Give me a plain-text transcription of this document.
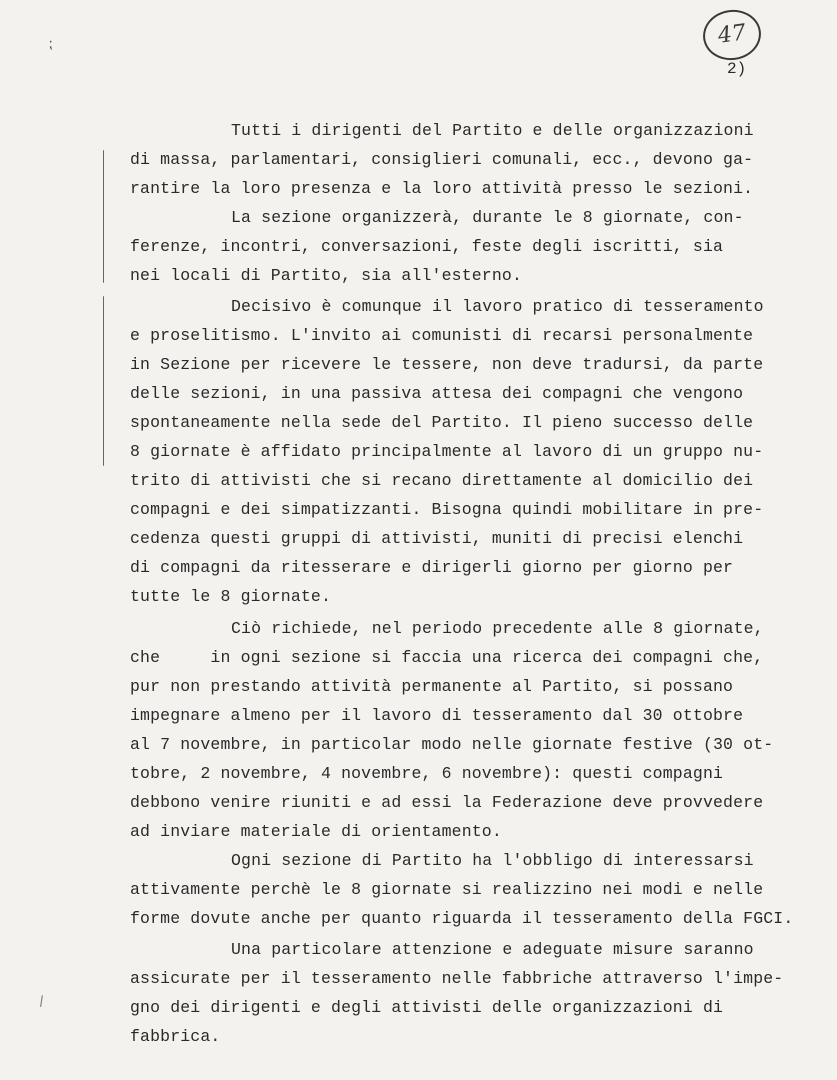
47
2)
⁏
/
Tutti i dirigenti del Partito e delle organizzazioni
di massa, parlamentari, consiglieri comunali, ecc., devono ga-
rantire la loro presenza e la loro attività presso le sezioni.
La sezione organizzerà, durante le 8 giornate, con-
ferenze, incontri, conversazioni, feste degli iscritti, sia
nei locali di Partito, sia all'esterno.
Decisivo è comunque il lavoro pratico di tesseramento
e proselitismo. L'invito ai comunisti di recarsi personalmente
in Sezione per ricevere le tessere, non deve tradursi, da parte
delle sezioni, in una passiva attesa dei compagni che vengono
spontaneamente nella sede del Partito. Il pieno successo delle
8 giornate è affidato principalmente al lavoro di un gruppo nu-
trito di attivisti che si recano direttamente al domicilio dei
compagni e dei simpatizzanti. Bisogna quindi mobilitare in pre-
cedenza questi gruppi di attivisti, muniti di precisi elenchi
di compagni da ritesserare e dirigerli giorno per giorno per
tutte le 8 giornate.
Ciò richiede, nel periodo precedente alle 8 giornate,
che     in ogni sezione si faccia una ricerca dei compagni che,
pur non prestando attività permanente al Partito, si possano
impegnare almeno per il lavoro di tesseramento dal 30 ottobre
al 7 novembre, in particolar modo nelle giornate festive (30 ot-
tobre, 2 novembre, 4 novembre, 6 novembre): questi compagni
debbono venire riuniti e ad essi la Federazione deve provvedere
ad inviare materiale di orientamento.
Ogni sezione di Partito ha l'obbligo di interessarsi
attivamente perchè le 8 giornate si realizzino nei modi e nelle
forme dovute anche per quanto riguarda il tesseramento della FGCI.
Una particolare attenzione e adeguate misure saranno
assicurate per il tesseramento nelle fabbriche attraverso l'impe-
gno dei dirigenti e degli attivisti delle organizzazioni di
fabbrica.
